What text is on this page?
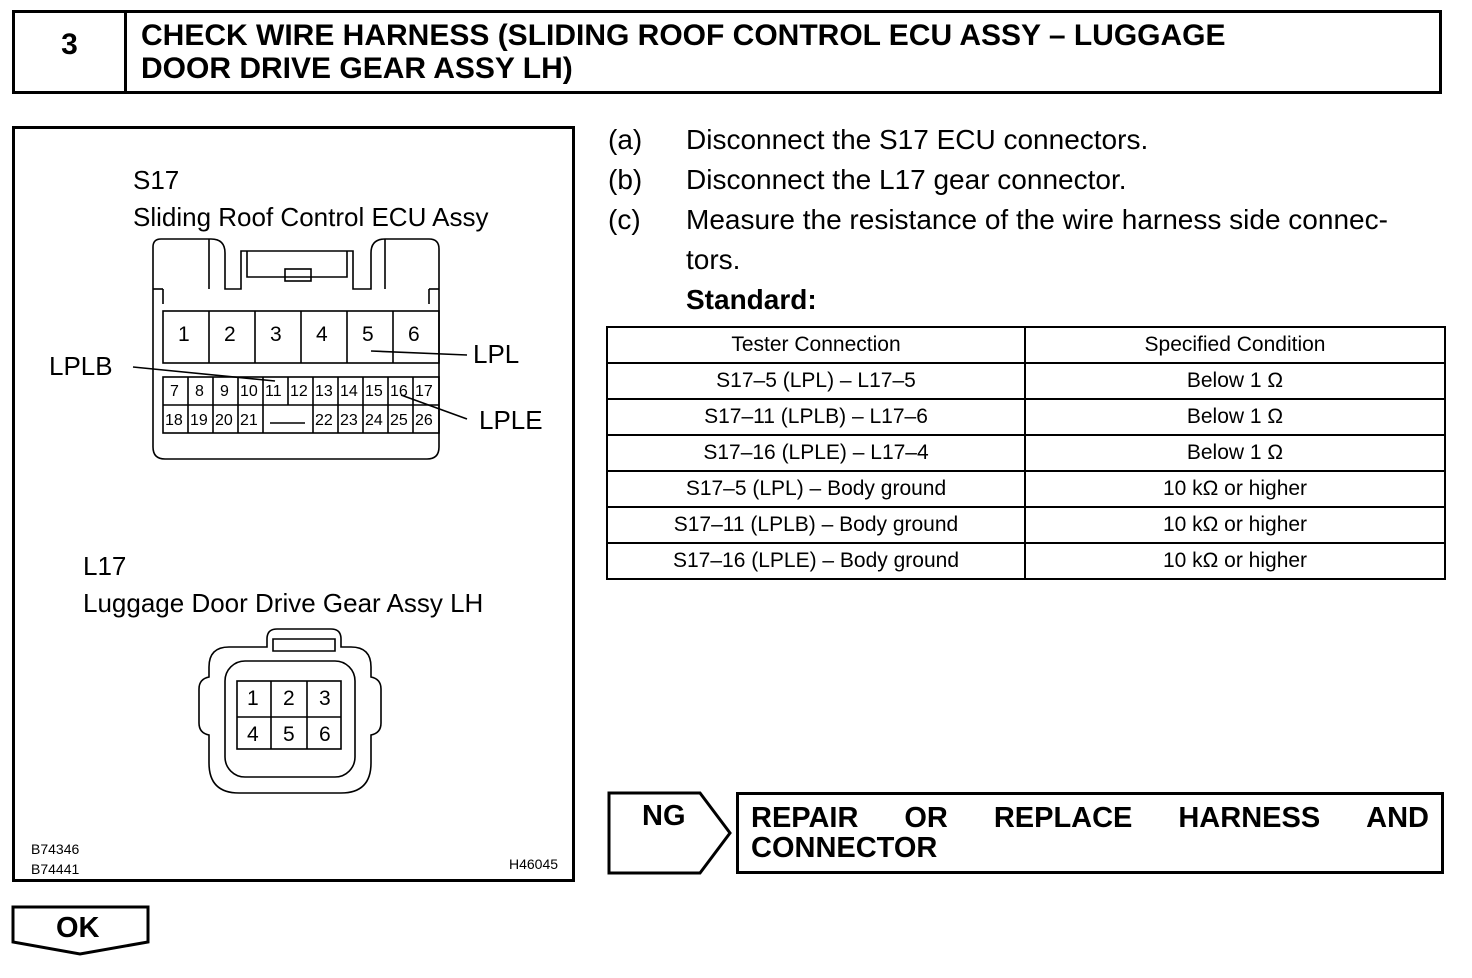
3	CHECK WIRE HARNESS (SLIDING ROOF CONTROL ECU ASSY – LUGGAGE
DOOR DRIVE GEAR ASSY LH)
S17
Sliding Roof Control ECU Assy
1 2 3 4 5 6
7 8 9 10 11 12 13 14 15 16 17
18 19 20 21	22 23 24 25 26
LPLB	LPL
LPLE
L17
Luggage Door Drive Gear Assy LH
1 2 3
4 5 6
B74346
B74441	H46045
(a) Disconnect the S17 ECU connectors.
(b) Disconnect the L17 gear connector.
(c) Measure the resistance of the wire harness side connec-
tors.
Standard:
Tester Connection	Specified Condition
S17–5 (LPL) – L17–5	Below 1 Ω
S17–11 (LPLB) – L17–6	Below 1 Ω
S17–16 (LPLE) – L17–4	Below 1 Ω
S17–5 (LPL) – Body ground	10 kΩ or higher
S17–11 (LPLB) – Body ground	10 kΩ or higher
S17–16 (LPLE) – Body ground	10 kΩ or higher
NG REPAIR OR REPLACE HARNESS AND
CONNECTOR
OK
